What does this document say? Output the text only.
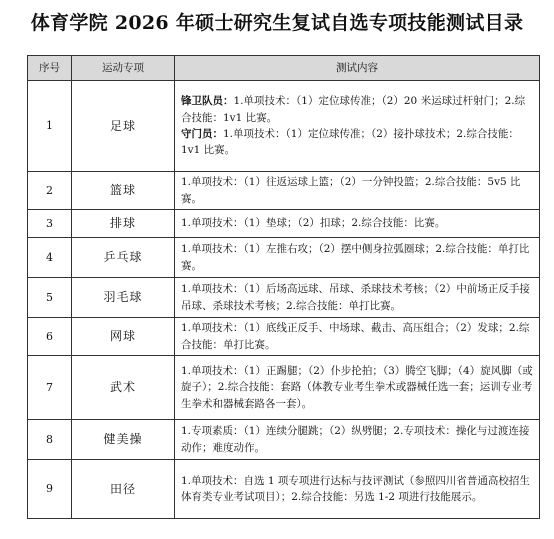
体育学院 2026 年硕士研究生复试自选专项技能测试目录
序号	运动专项	测试内容
1	足球	锋卫队员：1.单项技术：（1）定位球传准；（2）20 米运球过杆射门；2.综合技能：1v1 比赛。
守门员：1.单项技术：（1）定位球传准；（2）接扑球技术；2.综合技能：1v1 比赛。

2	篮球	1.单项技术：（1）往返运球上篮；（2）一分钟投篮；2.综合技能：5v5 比赛。

3	排球	1.单项技术：（1）垫球；（2）扣球；2.综合技能：比赛。

4	乒乓球	1.单项技术：（1）左推右攻；（2）摆中侧身拉弧圈球；2.综合技能：单打比赛。

5	羽毛球	1.单项技术：（1）后场高远球、吊球、杀球技术考核；（2）中前场正反手接吊球、杀球技术考核；2.综合技能：单打比赛。

6	网球	1.单项技术：（1）底线正反手、中场球、截击、高压组合；（2）发球；2.综合技能：单打比赛。

7	武术	1.单项技术：（1）正踢腿；（2）仆步抡拍；（3）腾空飞脚；（4）旋风脚（或旋子）；2.综合技能：套路（体教专业考生拳术或器械任选一套；运训专业考生拳术和器械套路各一套）。

8	健美操	1.专项素质：（1）连续分腿跳；（2）纵劈腿；2.专项技术：操化与过渡连接动作；难度动作。

9	田径	1.单项技术：自选 1 项专项进行达标与技评测试（参照四川省普通高校招生体育类专业考试项目）；2.综合技能：另选 1-2 项进行技能展示。
